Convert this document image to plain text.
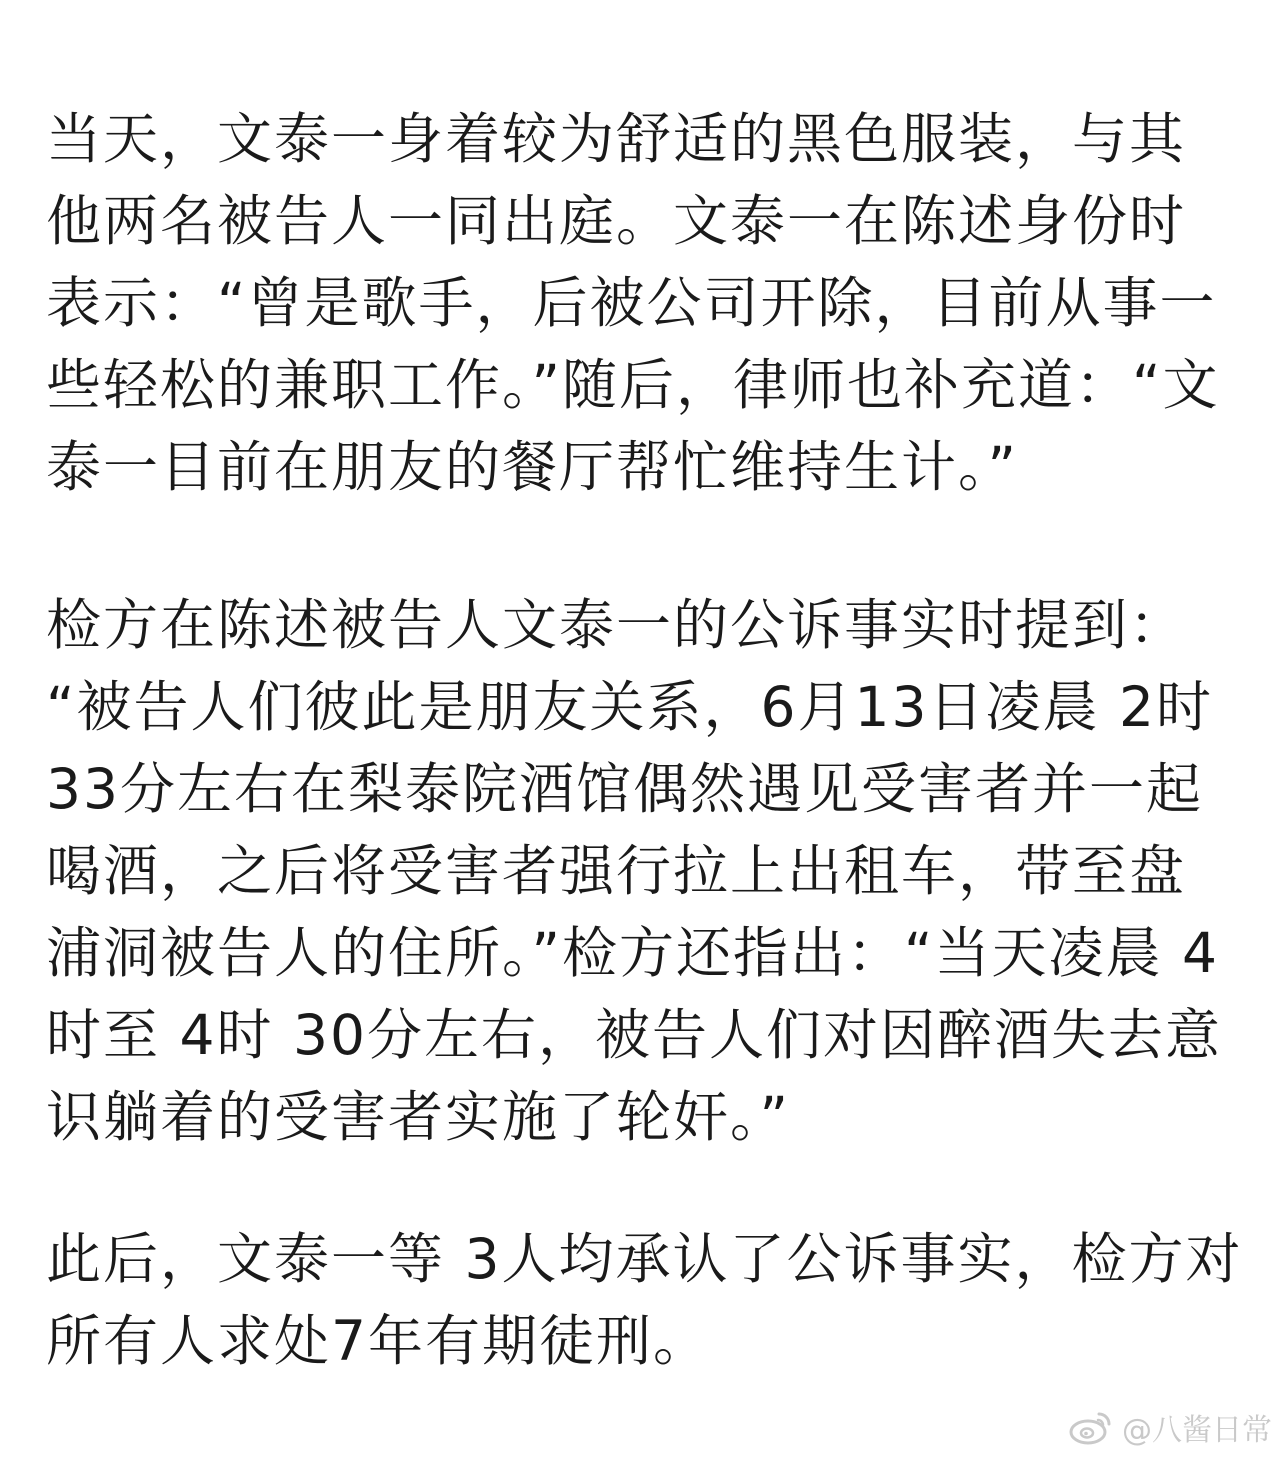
当天，文泰一身着较为舒适的黑色服装，与其
他两名被告人一同出庭。文泰一在陈述身份时
表示：“曾是歌手，后被公司开除，目前从事一
些轻松的兼职工作。”随后，律师也补充道：“文
泰一目前在朋友的餐厅帮忙维持生计。”
检方在陈述被告人文泰一的公诉事实时提到：
“被告人们彼此是朋友关系，6月13日凌晨 2时
33分左右在梨泰院酒馆偶然遇见受害者并一起
喝酒，之后将受害者强行拉上出租车，带至盘
浦洞被告人的住所。”检方还指出：“当天凌晨 4
时至 4时 30分左右，被告人们对因醉酒失去意
识躺着的受害者实施了轮奸。”
此后，文泰一等 3人均承认了公诉事实，检方对
所有人求处7年有期徒刑。
@八酱日常
